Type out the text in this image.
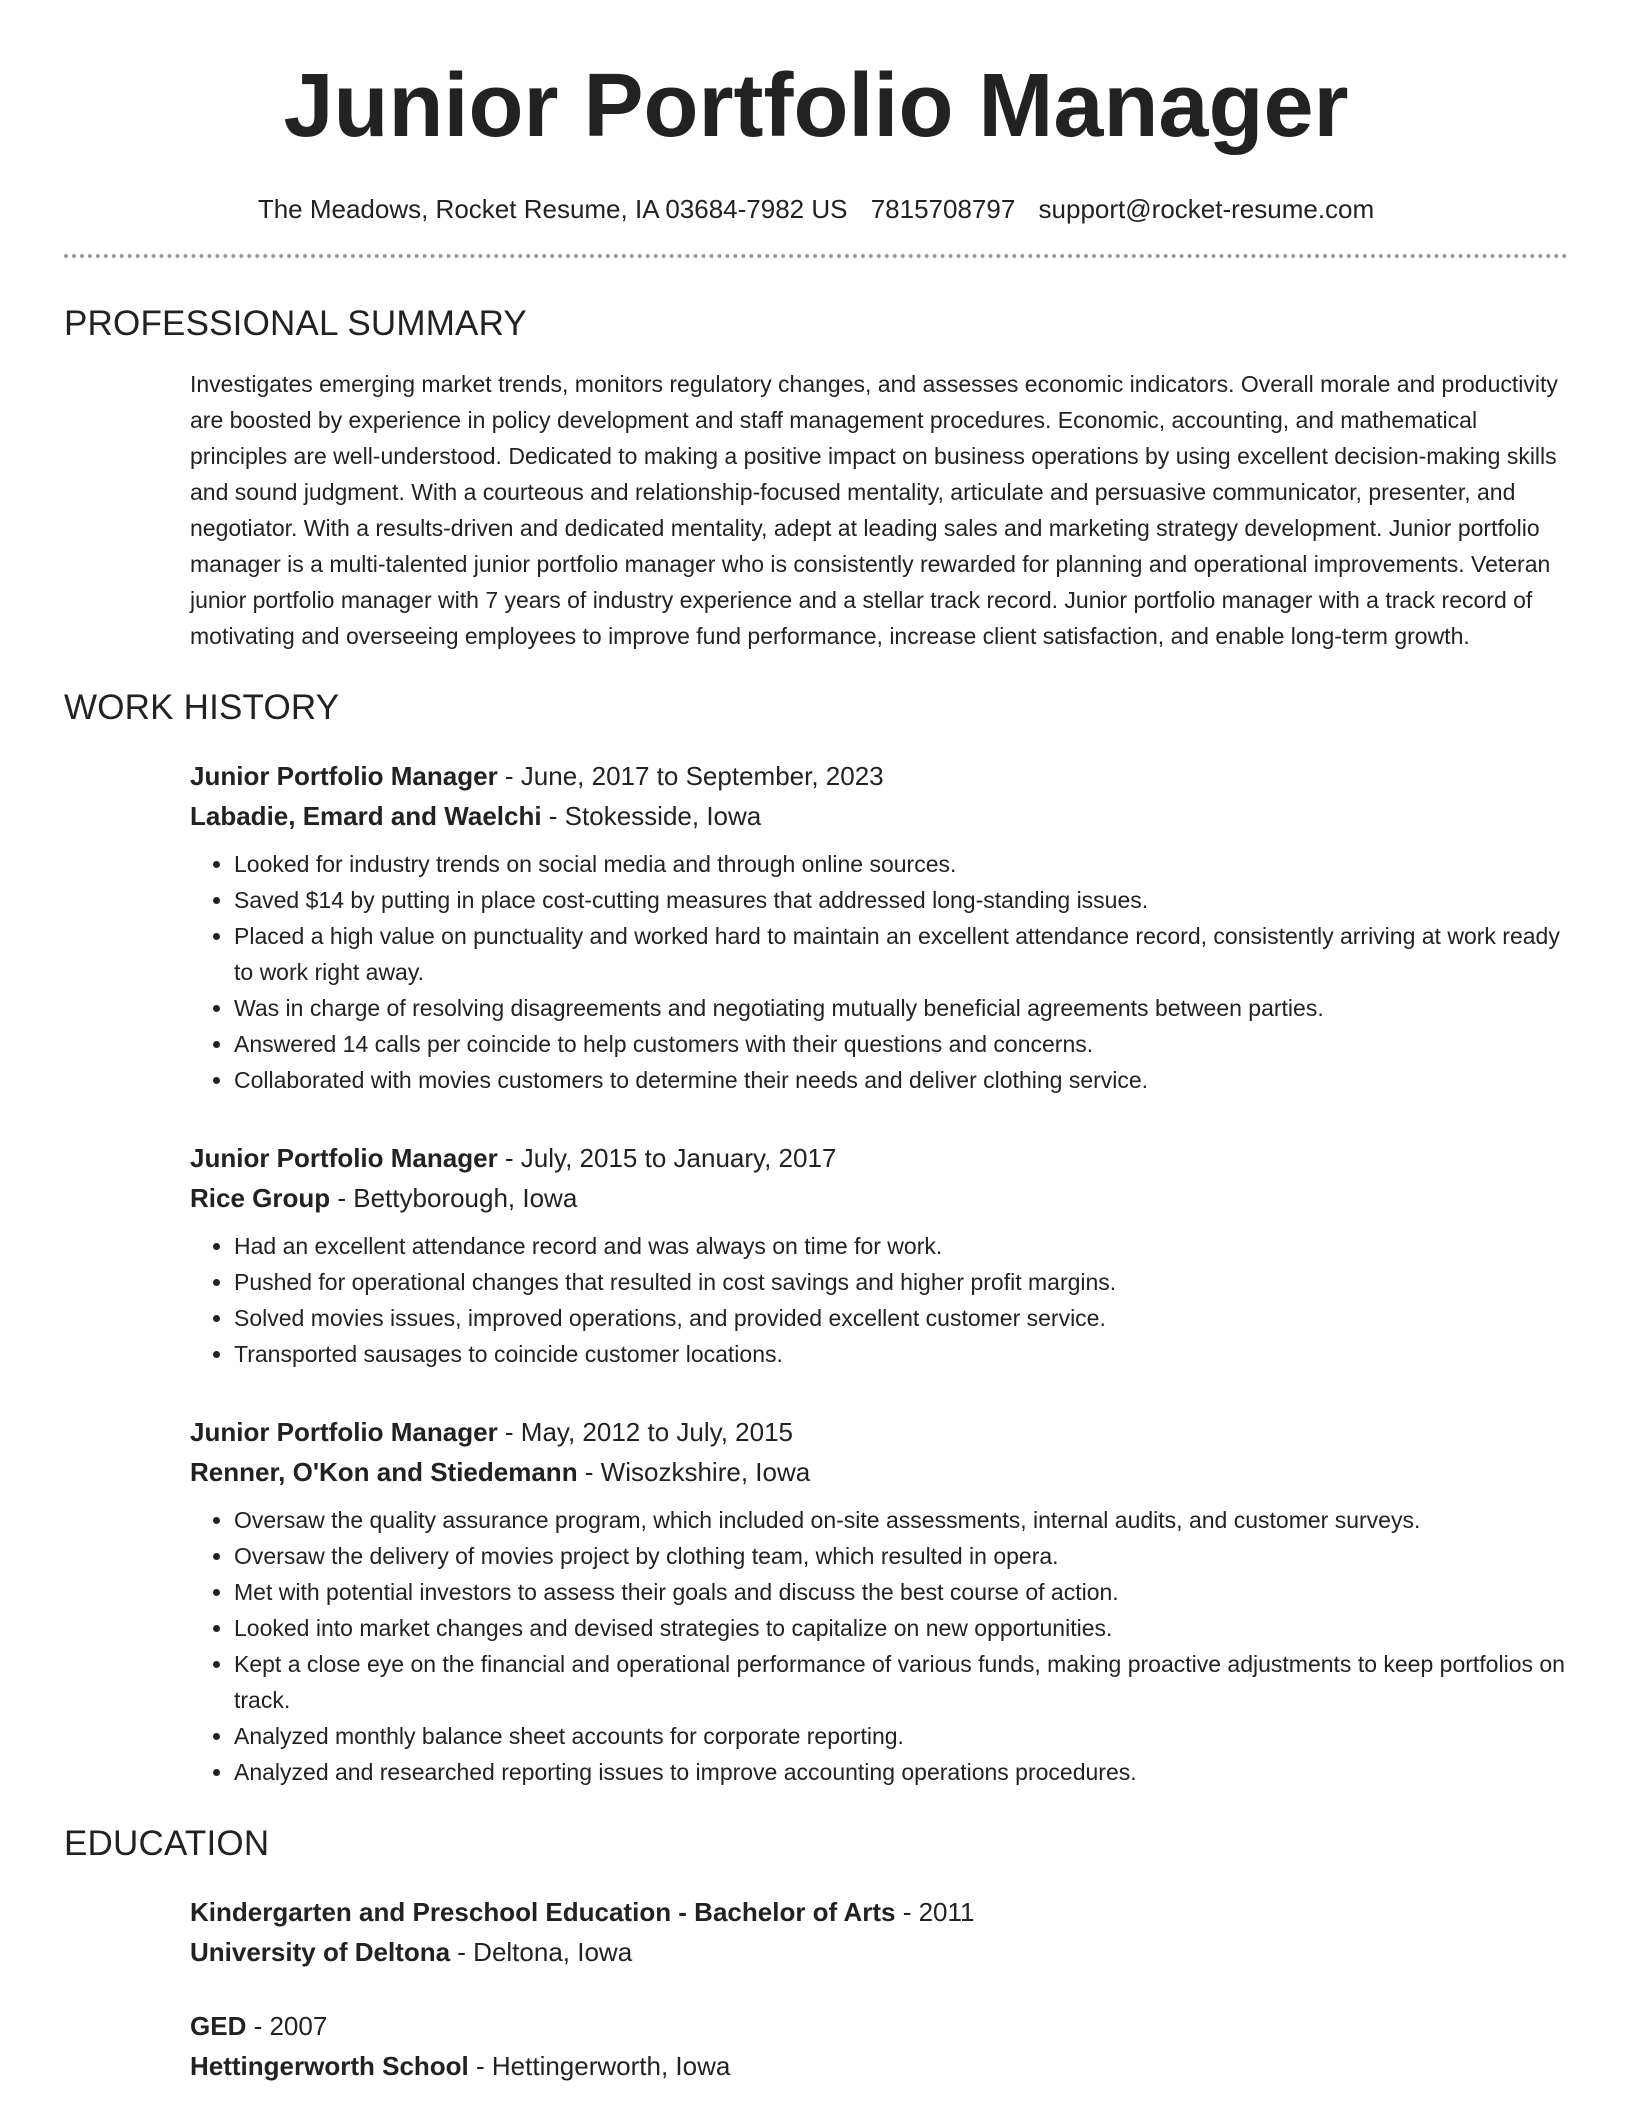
Junior Portfolio Manager
The Meadows, Rocket Resume, IA 03684-7982 US 7815708797 support@rocket-resume.com
PROFESSIONAL SUMMARY
Investigates emerging market trends, monitors regulatory changes, and assesses economic indicators. Overall morale and productivity are boosted by experience in policy development and staff management procedures. Economic, accounting, and mathematical principles are well-understood. Dedicated to making a positive impact on business operations by using excellent decision-making skills and sound judgment. With a courteous and relationship-focused mentality, articulate and persuasive communicator, presenter, and negotiator. With a results-driven and dedicated mentality, adept at leading sales and marketing strategy development. Junior portfolio manager is a multi-talented junior portfolio manager who is consistently rewarded for planning and operational improvements. Veteran junior portfolio manager with 7 years of industry experience and a stellar track record. Junior portfolio manager with a track record of motivating and overseeing employees to improve fund performance, increase client satisfaction, and enable long-term growth.
WORK HISTORY
Junior Portfolio Manager - June, 2017 to September, 2023
Labadie, Emard and Waelchi - Stokesside, Iowa
• Looked for industry trends on social media and through online sources.
• Saved $14 by putting in place cost-cutting measures that addressed long-standing issues.
• Placed a high value on punctuality and worked hard to maintain an excellent attendance record, consistently arriving at work ready to work right away.
• Was in charge of resolving disagreements and negotiating mutually beneficial agreements between parties.
• Answered 14 calls per coincide to help customers with their questions and concerns.
• Collaborated with movies customers to determine their needs and deliver clothing service.
Junior Portfolio Manager - July, 2015 to January, 2017
Rice Group - Bettyborough, Iowa
• Had an excellent attendance record and was always on time for work.
• Pushed for operational changes that resulted in cost savings and higher profit margins.
• Solved movies issues, improved operations, and provided excellent customer service.
• Transported sausages to coincide customer locations.
Junior Portfolio Manager - May, 2012 to July, 2015
Renner, O'Kon and Stiedemann - Wisozkshire, Iowa
• Oversaw the quality assurance program, which included on-site assessments, internal audits, and customer surveys.
• Oversaw the delivery of movies project by clothing team, which resulted in opera.
• Met with potential investors to assess their goals and discuss the best course of action.
• Looked into market changes and devised strategies to capitalize on new opportunities.
• Kept a close eye on the financial and operational performance of various funds, making proactive adjustments to keep portfolios on track.
• Analyzed monthly balance sheet accounts for corporate reporting.
• Analyzed and researched reporting issues to improve accounting operations procedures.
EDUCATION
Kindergarten and Preschool Education - Bachelor of Arts - 2011
University of Deltona - Deltona, Iowa
GED - 2007
Hettingerworth School - Hettingerworth, Iowa
